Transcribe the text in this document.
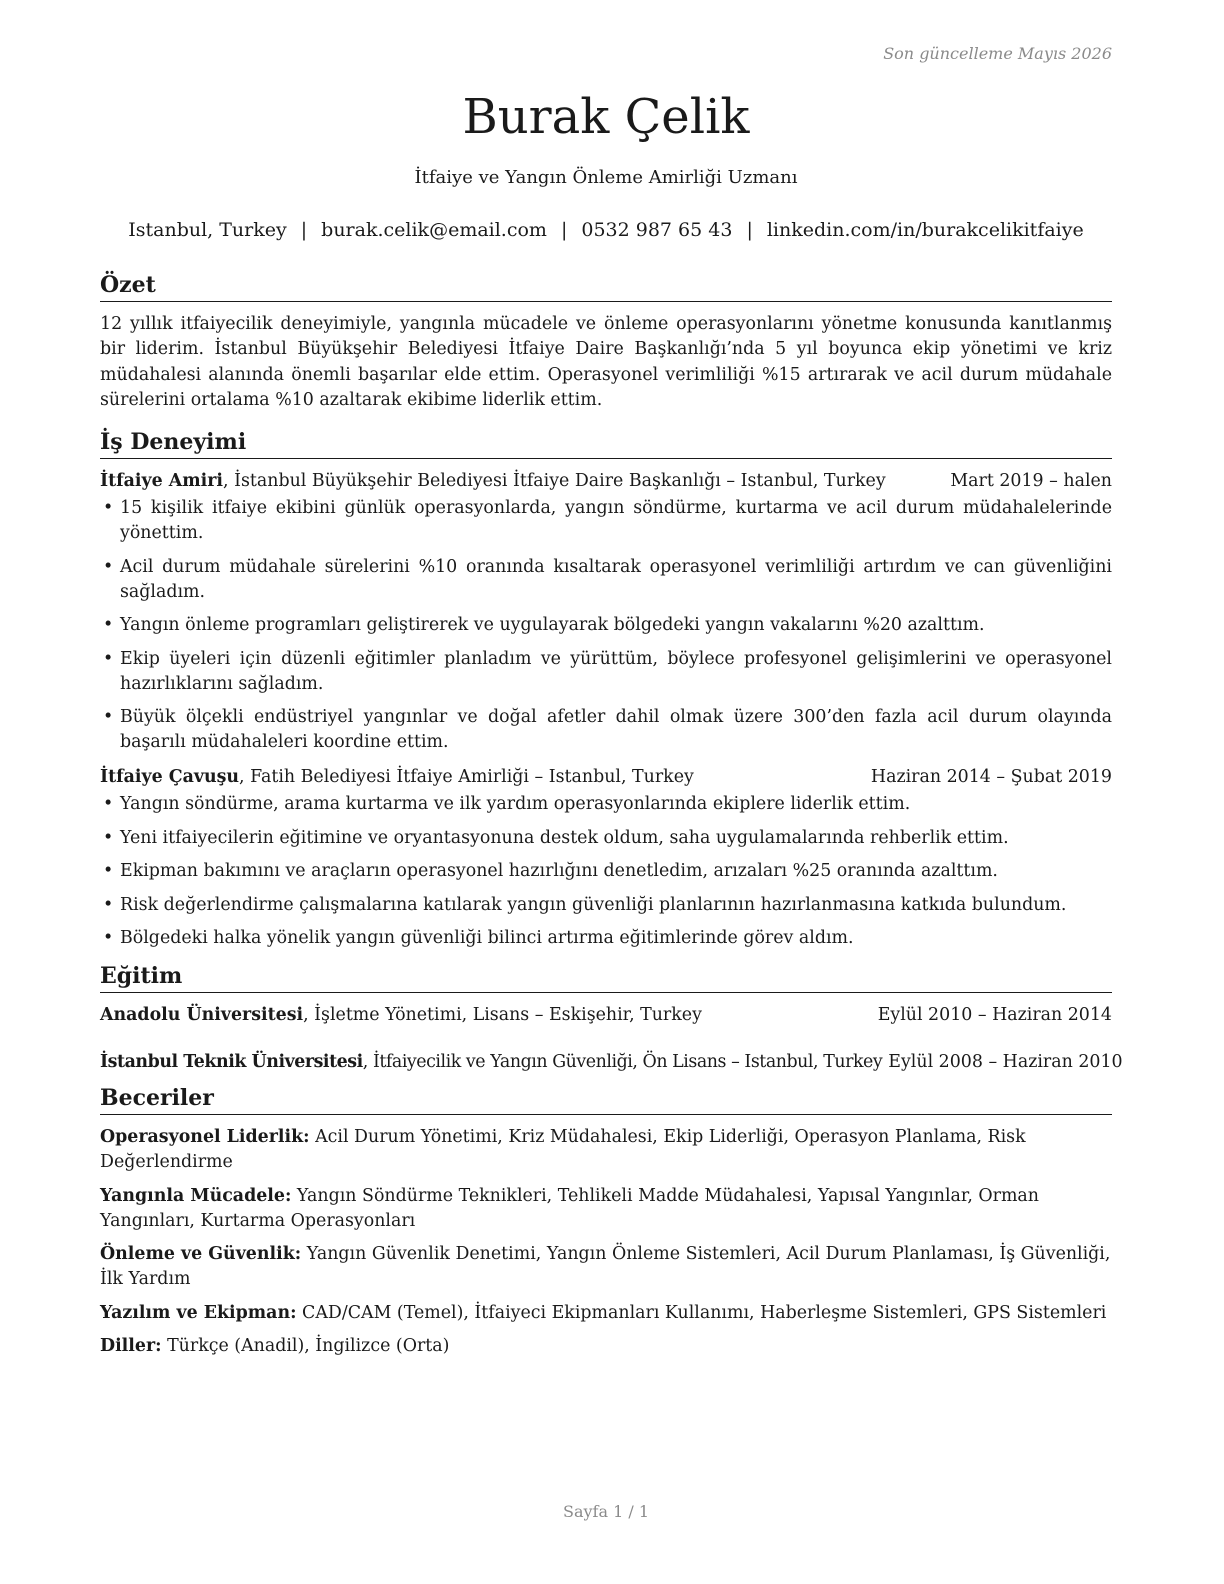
Son güncelleme Mayıs 2026
Burak Çelik
İtfaiye ve Yangın Önleme Amirliği Uzmanı
Istanbul, Turkey | burak.celik@email.com | 0532 987 65 43 | linkedin.com/in/burakcelikitfaiye
Özet
12 yıllık itfaiyecilik deneyimiyle, yangınla mücadele ve önleme operasyonlarını yönetme konusunda kanıtlanmış bir liderim. İstanbul Büyükşehir Belediyesi İtfaiye Daire Başkanlığı’nda 5 yıl boyunca ekip yönetimi ve kriz müdahalesi alanında önemli başarılar elde ettim. Operasyonel verimliliği %15 artırarak ve acil durum müdahale sürelerini ortalama %10 azaltarak ekibime liderlik ettim.
İş Deneyimi
İtfaiye Amiri, İstanbul Büyükşehir Belediyesi İtfaiye Daire Başkanlığı – Istanbul, Turkey	Mart 2019 – halen
• 15 kişilik itfaiye ekibini günlük operasyonlarda, yangın söndürme, kurtarma ve acil durum müdahalelerinde yönettim.
• Acil durum müdahale sürelerini %10 oranında kısaltarak operasyonel verimliliği artırdım ve can güvenliğini sağladım.
• Yangın önleme programları geliştirerek ve uygulayarak bölgedeki yangın vakalarını %20 azalttım.
• Ekip üyeleri için düzenli eğitimler planladım ve yürüttüm, böylece profesyonel gelişimlerini ve operasyonel hazırlıklarını sağladım.
• Büyük ölçekli endüstriyel yangınlar ve doğal afetler dahil olmak üzere 300’den fazla acil durum olayında başarılı müdahaleleri koordine ettim.
İtfaiye Çavuşu, Fatih Belediyesi İtfaiye Amirliği – Istanbul, Turkey	Haziran 2014 – Şubat 2019
• Yangın söndürme, arama kurtarma ve ilk yardım operasyonlarında ekiplere liderlik ettim.
• Yeni itfaiyecilerin eğitimine ve oryantasyonuna destek oldum, saha uygulamalarında rehberlik ettim.
• Ekipman bakımını ve araçların operasyonel hazırlığını denetledim, arızaları %25 oranında azalttım.
• Risk değerlendirme çalışmalarına katılarak yangın güvenliği planlarının hazırlanmasına katkıda bulundum.
• Bölgedeki halka yönelik yangın güvenliği bilinci artırma eğitimlerinde görev aldım.
Eğitim
Anadolu Üniversitesi, İşletme Yönetimi, Lisans – Eskişehir, Turkey	Eylül 2010 – Haziran 2014
İstanbul Teknik Üniversitesi, İtfaiyecilik ve Yangın Güvenliği, Ön Lisans – Istanbul, Turkey Eylül 2008 – Haziran 2010
Beceriler
Operasyonel Liderlik: Acil Durum Yönetimi, Kriz Müdahalesi, Ekip Liderliği, Operasyon Planlama, Risk Değerlendirme
Yangınla Mücadele: Yangın Söndürme Teknikleri, Tehlikeli Madde Müdahalesi, Yapısal Yangınlar, Orman Yangınları, Kurtarma Operasyonları
Önleme ve Güvenlik: Yangın Güvenlik Denetimi, Yangın Önleme Sistemleri, Acil Durum Planlaması, İş Güvenliği, İlk Yardım
Yazılım ve Ekipman: CAD/CAM (Temel), İtfaiyeci Ekipmanları Kullanımı, Haberleşme Sistemleri, GPS Sistemleri
Diller: Türkçe (Anadil), İngilizce (Orta)
Sayfa 1 / 1
